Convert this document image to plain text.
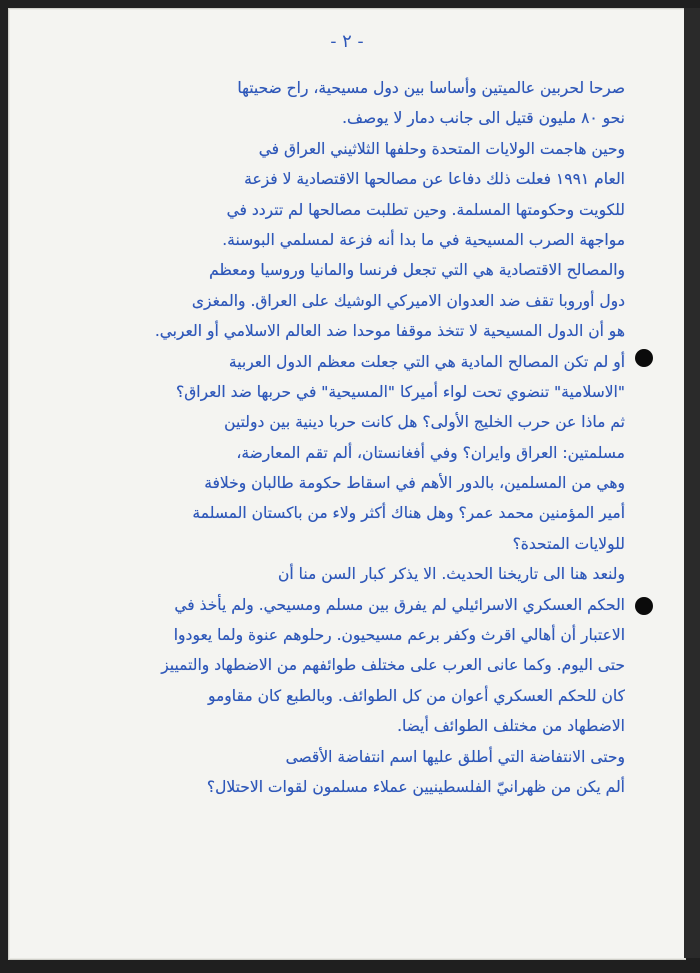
- ٢ -
صرحا لحربين عالميتين وأساسا بين دول مسيحية، راح ضحيتها
نحو ٨٠ مليون قتيل الى جانب دمار لا يوصف.
وحين هاجمت الولايات المتحدة وحلفها الثلاثيني العراق في
العام ١٩٩١ فعلت ذلك دفاعا عن مصالحها الاقتصادية لا فزعة
للكويت وحكومتها المسلمة. وحين تطلبت مصالحها لم تتردد في
مواجهة الصرب المسيحية في ما بدا أنه فزعة لمسلمي البوسنة.
والمصالح الاقتصادية هي التي تجعل فرنسا والمانيا وروسيا ومعظم
دول أوروبا تقف ضد العدوان الاميركي الوشيك على العراق. والمغزى
هو أن الدول المسيحية لا تتخذ موقفا موحدا ضد العالم الاسلامي أو العربي.
أو لم تكن المصالح المادية هي التي جعلت معظم الدول العربية
"الاسلامية" تنضوي تحت لواء أميركا "المسيحية" في حربها ضد العراق؟
ثم ماذا عن حرب الخليج الأولى؟ هل كانت حربا دينية بين دولتين
مسلمتين: العراق وايران؟ وفي أفغانستان، ألم تقم المعارضة،
وهي من المسلمين، بالدور الأهم في اسقاط حكومة طالبان وخلافة
أمير المؤمنين محمد عمر؟ وهل هناك أكثر ولاء من باكستان المسلمة
للولايات المتحدة؟
ولنعد هنا الى تاريخنا الحديث. الا يذكر كبار السن منا أن
الحكم العسكري الاسرائيلي لم يفرق بين مسلم ومسيحي. ولم يأخذ في
الاعتبار أن أهالي اقرث وكفر برعم مسيحيون. رحلوهم عنوة ولما يعودوا
حتى اليوم. وكما عانى العرب على مختلف طوائفهم من الاضطهاد والتمييز
كان للحكم العسكري أعوان من كل الطوائف. وبالطبع كان مقاومو
الاضطهاد من مختلف الطوائف أيضا.
وحتى الانتفاضة التي أطلق عليها اسم انتفاضة الأقصى
ألم يكن من ظهرانيّ الفلسطينيين عملاء مسلمون لقوات الاحتلال؟
